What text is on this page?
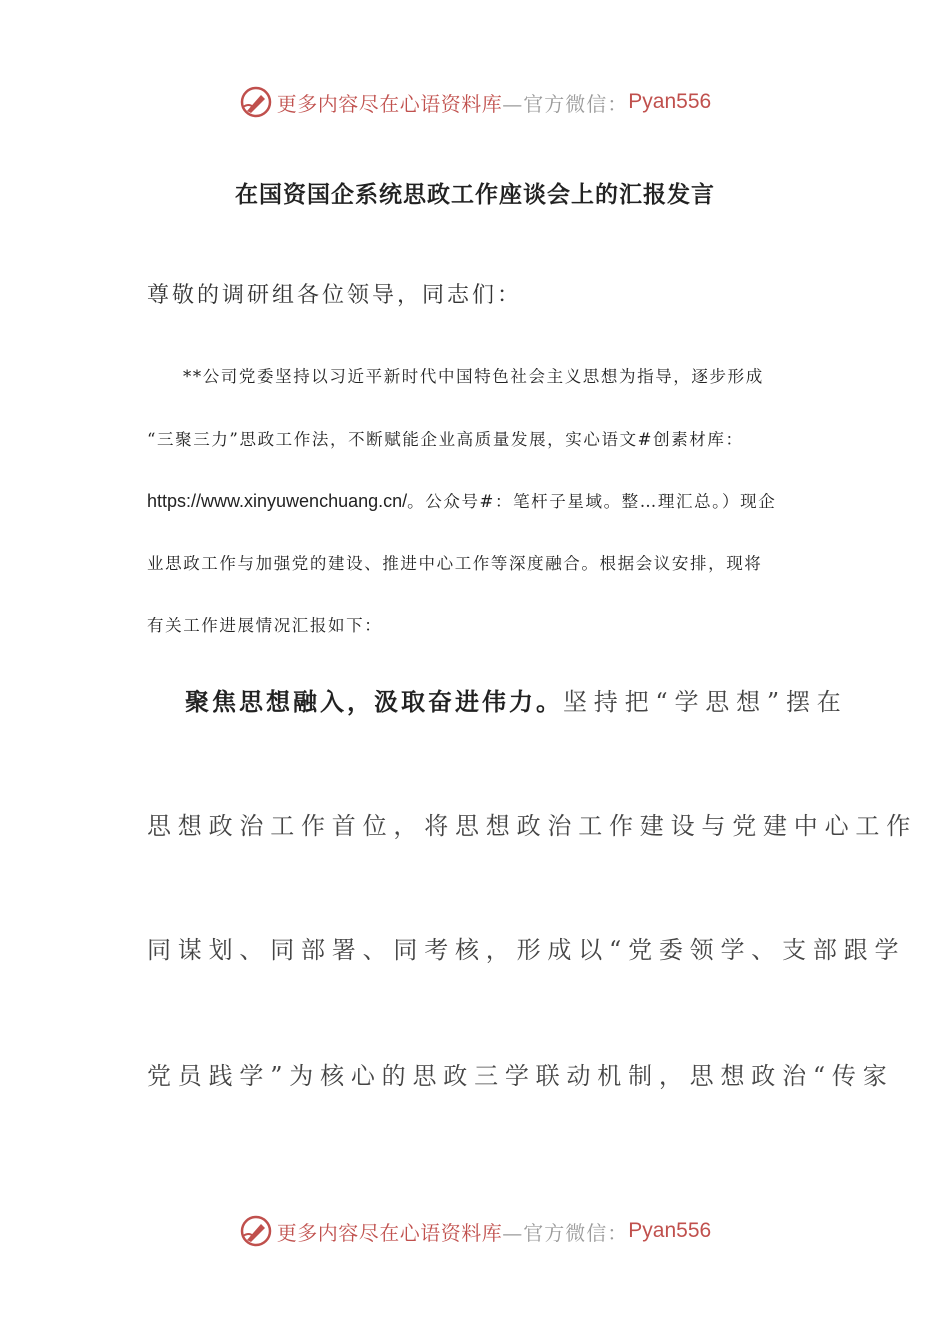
更多内容尽在心语资料库 —官方微信： Pyan556
在国资国企系统思政工作座谈会上的汇报发言
尊敬的调研组各位领导，同志们：
**公司党委坚持以习近平新时代中国特色社会主义思想为指导，逐步形成
“三聚三力”思政工作法，不断赋能企业高质量发展，实心语文#创素材库：
https://www.xinyuwenchuang.cn/。公众号#：笔杆子星域。整…理汇总。）现企
业思政工作与加强党的建设、推进中心工作等深度融合。根据会议安排，现将
有关工作进展情况汇报如下：
聚焦思想融入，汲取奋进伟力。坚持把“学思想”摆在
思想政治工作首位，将思想政治工作建设与党建中心工作
同谋划、同部署、同考核，形成以“党委领学、支部跟学
党员践学”为核心的思政三学联动机制，思想政治“传家
更多内容尽在心语资料库 —官方微信： Pyan556
